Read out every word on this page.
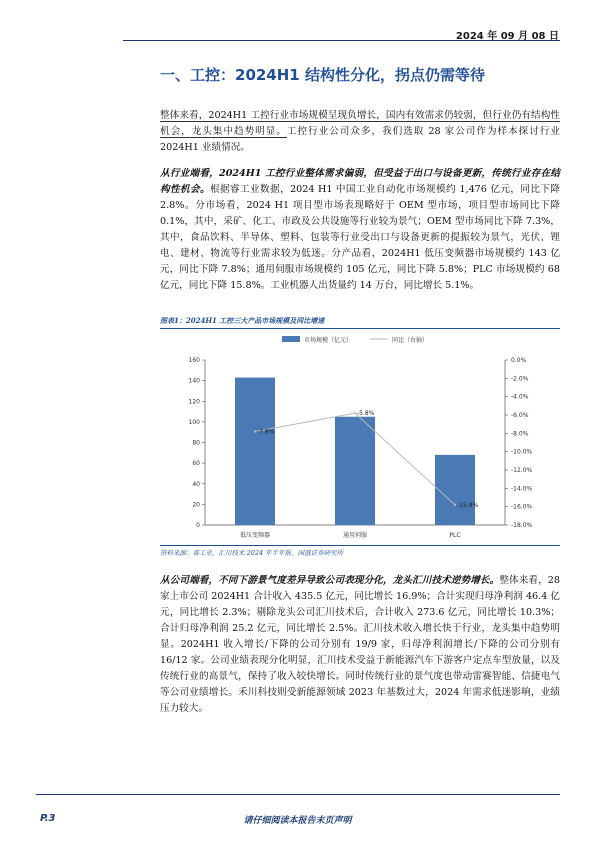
2024 年 09 月 08 日
一、工控：2024H1 结构性分化，拐点仍需等待
整体来看，2024H1 工控行业市场规模呈现负增长，国内有效需求仍较弱，但行业仍有结构性机会，龙头集中趋势明显。工控行业公司众多，我们选取 28 家公司作为样本探讨行业 2024H1 业绩情况。
从行业端看，2024H1 工控行业整体需求偏弱，但受益于出口与设备更新，传统行业存在结构性机会。根据睿工业数据，2024 H1 中国工业自动化市场规模约 1,476 亿元，同比下降 2.8%。分市场看，2024 H1 项目型市场表现略好于 OEM 型市场，项目型市场同比下降 0.1%，其中，采矿、化工、市政及公共设施等行业较为景气；OEM 型市场同比下降 7.3%，其中，食品饮料、半导体、塑料、包装等行业受出口与设备更新的提振较为景气，光伏、锂电、建材、物流等行业需求较为低迷。分产品看，2024H1 低压变频器市场规模约 143 亿元，同比下降 7.8%；通用伺服市场规模约 105 亿元，同比下降 5.8%；PLC 市场规模约 68 亿元，同比下降 15.8%。工业机器人出货量约 14 万台，同比增长 5.1%。
图表1：2024H1 工控三大产品市场规模及同比增速
市场规模（亿元）	同比（右轴）
0
20
40
60
80
100
120
140
160	0.0%
-2.0%
-4.0%
-6.0%
-8.0%
-10.0%
-12.0%
-14.0%
-16.0%
-18.0%
-7.8%
-5.8%
-15.8%
低压变频器	通用伺服	PLC
资料来源：睿工业，汇川技术 2024 年半年报，国盛证券研究所
从公司端看，不同下游景气度差异导致公司表现分化，龙头汇川技术逆势增长。整体来看，28 家上市公司 2024H1 合计收入 435.5 亿元，同比增长 16.9%；合计实现归母净利润 46.4 亿元，同比增长 2.3%；剔除龙头公司汇川技术后，合计收入 273.6 亿元，同比增长 10.3%；合计归母净利润 25.2 亿元，同比增长 2.5%。汇川技术收入增长快于行业，龙头集中趋势明显。2024H1 收入增长/下降的公司分别有 19/9 家，归母净利润增长/下降的公司分别有 16/12 家。公司业绩表现分化明显，汇川技术受益于新能源汽车下游客户定点车型放量，以及传统行业的高景气，保持了收入较快增长。同时传统行业的景气度也带动雷赛智能、信捷电气等公司业绩增长。禾川科技则受新能源领域 2023 年基数过大，2024 年需求低迷影响，业绩压力较大。
P.3	请仔细阅读本报告末页声明
